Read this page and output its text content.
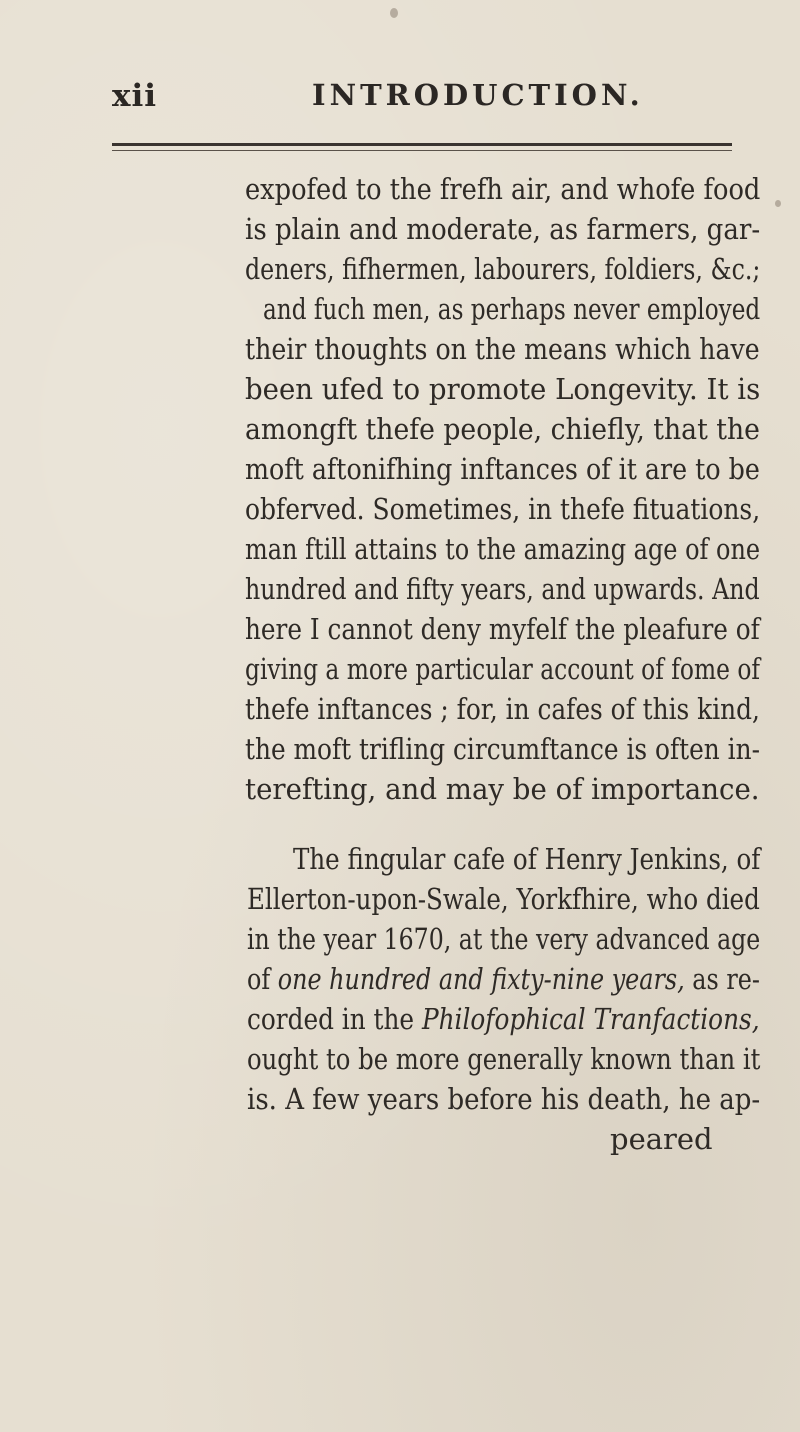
xii	INTRODUCTION.
expofed to the frefh air, and whofe food
is plain and moderate, as farmers, gar-
deners, fifhermen, labourers, foldiers, &c.;
and fuch men, as perhaps never employed
their thoughts on the means which have
been ufed to promote Longevity. It is
amongft thefe people, chiefly, that the
moft aftonifhing inftances of it are to be
obferved. Sometimes, in thefe fituations,
man ftill attains to the amazing age of one
hundred and fifty years, and upwards. And
here I cannot deny myfelf the pleafure of
giving a more particular account of fome of
thefe inftances ; for, in cafes of this kind,
the moft trifling circumftance is often in-
terefting, and may be of importance.
The fingular cafe of Henry Jenkins, of
Ellerton-upon-Swale, Yorkfhire, who died
in the year 1670, at the very advanced age
of one hundred and fixty-nine years, as re-
corded in the Philofophical Tranfactions,
ought to be more generally known than it
is. A few years before his death, he ap-
peared
